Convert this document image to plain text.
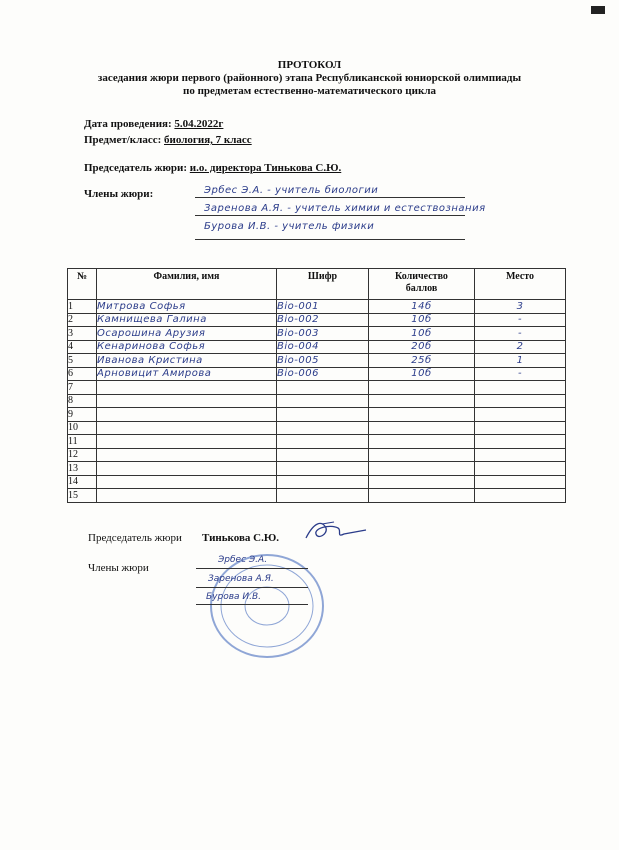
ПРОТОКОЛ
заседания жюри первого (районного) этапа Республиканской юниорской олимпиады
по предметам естественно-математического цикла
Дата проведения: 5.04.2022г
Предмет/класс: биология, 7 класс
Председатель жюри: и.о. директора Тинькова С.Ю.
Члены жюри:	Эрбес Э.А. - учитель биологии
Заренова А.Я. - учитель химии и естествознания
Бурова И.В. - учитель физики
№	Фамилия, имя	Шифр	Количество баллов	Место
1	Митрова Софья	Bio-001	14б	3
2	Камнищева Галина	Bio-002	10б	-
3	Осарошина Арузия	Bio-003	10б	-
4	Кенаринова Софья	Bio-004	20б	2
5	Иванова Кристина	Bio-005	25б	1
6	Арновицит Амирова	Bio-006	10б	-
7				
8				
9				
10				
11				
12				
13				
14				
15				
Председатель жюри Тинькова С.Ю.
Члены жюри
Эрбес Э.А.
Заренова А.Я.
Бурова И.В.
